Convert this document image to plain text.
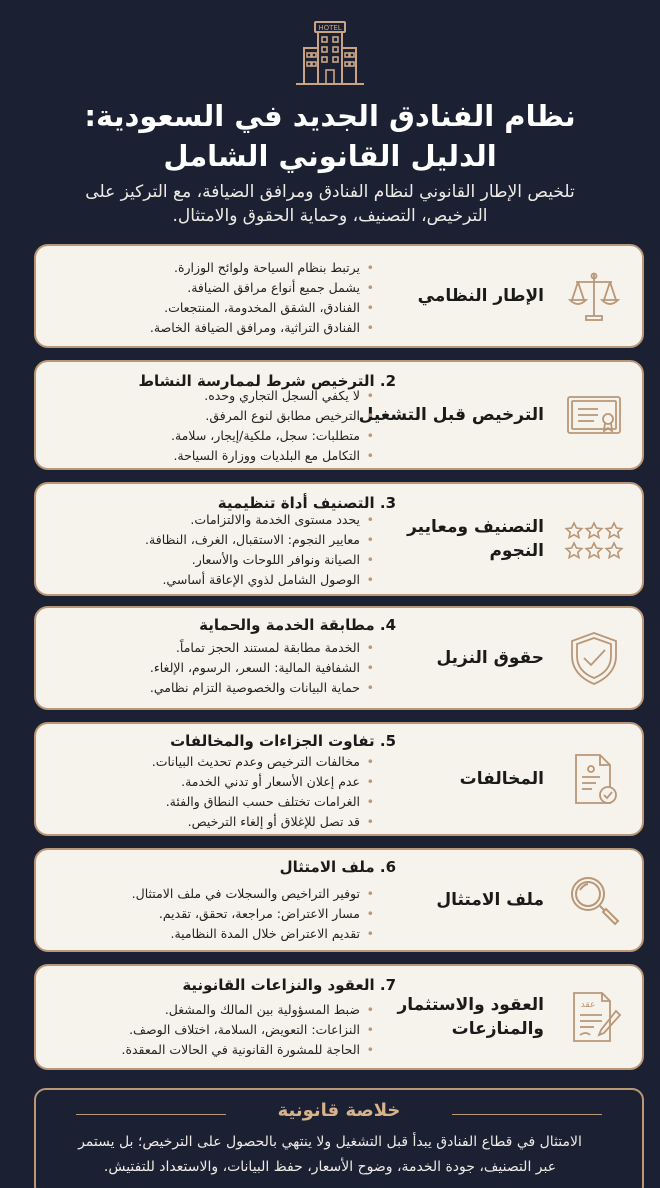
HOTEL
نظام الفنادق الجديد في السعودية:
الدليل القانوني الشامل
تلخيص الإطار القانوني لنظام الفنادق ومرافق الضيافة، مع التركيز على
الترخيص، التصنيف، وحماية الحقوق والامتثال.
الإطار النظامي
• يرتبط بنظام السياحة ولوائح الوزارة.
• يشمل جميع أنواع مرافق الضيافة.
• الفنادق، الشقق المخدومة، المنتجعات.
• الفنادق التراثية، ومرافق الضيافة الخاصة.
الترخيص قبل التشغيل
2. الترخيص شرط لممارسة النشاط
• لا يكفي السجل التجاري وحده.
• الترخيص مطابق لنوع المرفق.
• متطلبات: سجل، ملكية/إيجار، سلامة.
• التكامل مع البلديات ووزارة السياحة.
التصنيف ومعايير النجوم
3. التصنيف أداة تنظيمية
• يحدد مستوى الخدمة والالتزامات.
• معايير النجوم: الاستقبال، الغرف، النظافة.
• الصيانة ونوافر اللوحات والأسعار.
• الوصول الشامل لذوي الإعاقة أساسي.
حقوق النزيل
4. مطابقة الخدمة والحماية
• الخدمة مطابقة لمستند الحجز تماماً.
• الشفافية المالية: السعر، الرسوم، الإلغاء.
• حماية البيانات والخصوصية التزام نظامي.
المخالفات
5. تفاوت الجزاءات والمخالفات
• مخالفات الترخيص وعدم تحديث البيانات.
• عدم إعلان الأسعار أو تدني الخدمة.
• الغرامات تختلف حسب النطاق والفئة.
• قد تصل للإغلاق أو إلغاء الترخيص.
ملف الامتثال
6. ملف الامتثال
• توفير التراخيص والسجلات في ملف الامتثال.
• مسار الاعتراض: مراجعة، تحقق، تقديم.
• تقديم الاعتراض خلال المدة النظامية.
عقد
العقود والاستثمار والمنازعات
7. العقود والنزاعات القانونية
• ضبط المسؤولية بين المالك والمشغل.
• النزاعات: التعويض، السلامة، اختلاف الوصف.
• الحاجة للمشورة القانونية في الحالات المعقدة.
خلاصة قانونية
الامتثال في قطاع الفنادق يبدأ قبل التشغيل ولا ينتهي بالحصول على الترخيص؛ بل يستمر
عبر التصنيف، جودة الخدمة، وضوح الأسعار، حفظ البيانات، والاستعداد للتفتيش.
